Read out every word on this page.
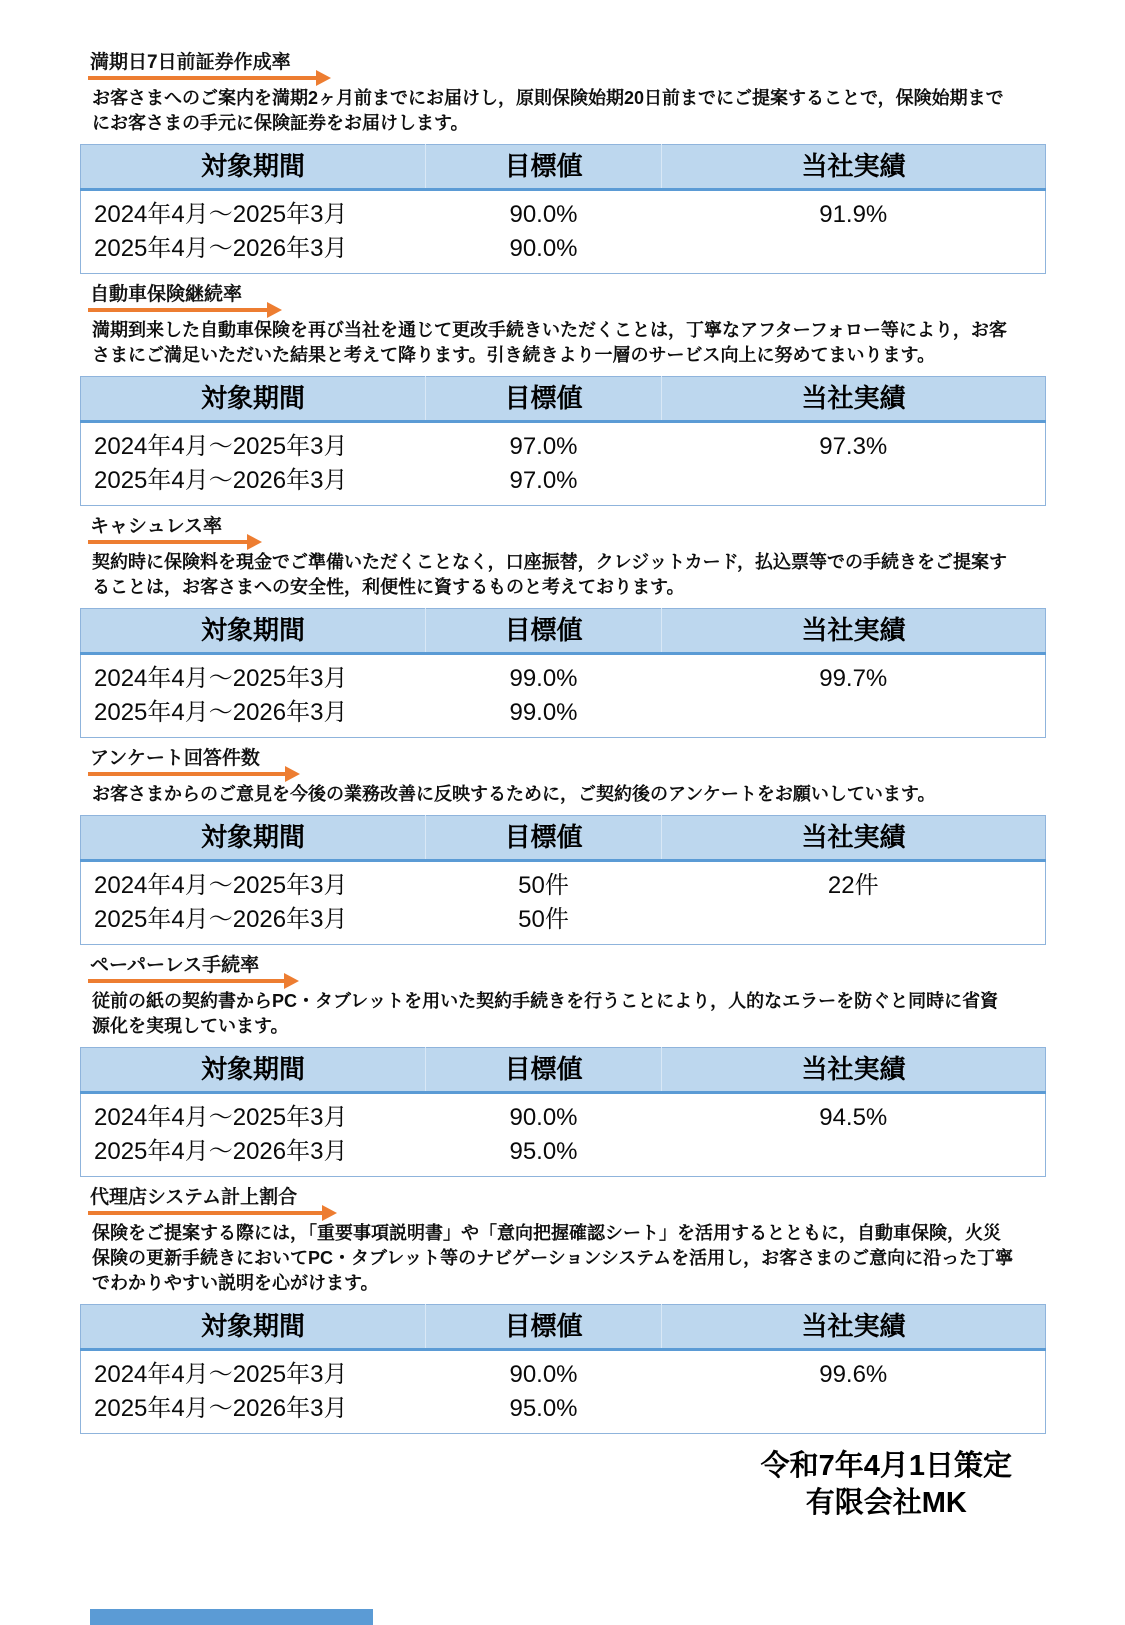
満期日7日前証券作成率

お客さまへのご案内を満期2ヶ月前までにお届けし，原則保険始期20日前までにご提案することで，保険始期までにお客さまの手元に保険証券をお届けします。

対象期間	目標値	当社実績
2024年4月～2025年3月	90.0%	91.9%
2025年4月～2026年3月	90.0%	
自動車保険継続率

満期到来した自動車保険を再び当社を通じて更改手続きいただくことは，丁寧なアフターフォロー等により，お客さまにご満足いただいた結果と考えて降ります。引き続きより一層のサービス向上に努めてまいります。

対象期間	目標値	当社実績
2024年4月～2025年3月	97.0%	97.3%
2025年4月～2026年3月	97.0%	
キャシュレス率

契約時に保険料を現金でご準備いただくことなく，口座振替，クレジットカード，払込票等での手続きをご提案することは，お客さまへの安全性，利便性に資するものと考えております。

対象期間	目標値	当社実績
2024年4月～2025年3月	99.0%	99.7%
2025年4月～2026年3月	99.0%	
アンケート回答件数

お客さまからのご意見を今後の業務改善に反映するために，ご契約後のアンケートをお願いしています。

対象期間	目標値	当社実績
2024年4月～2025年3月	50件	22件
2025年4月～2026年3月	50件	
ペーパーレス手続率

従前の紙の契約書からPC・タブレットを用いた契約手続きを行うことにより，人的なエラーを防ぐと同時に省資源化を実現しています。

対象期間	目標値	当社実績
2024年4月～2025年3月	90.0%	94.5%
2025年4月～2026年3月	95.0%	
代理店システム計上割合

保険をご提案する際には，「重要事項説明書」や「意向把握確認シート」を活用するとともに，自動車保険，火災保険の更新手続きにおいてPC・タブレット等のナビゲーションシステムを活用し，お客さまのご意向に沿った丁寧でわかりやすい説明を心がけます。

対象期間	目標値	当社実績
2024年4月～2025年3月	90.0%	99.6%
2025年4月～2026年3月	95.0%	
令和7年4月1日策定
有限会社MK
